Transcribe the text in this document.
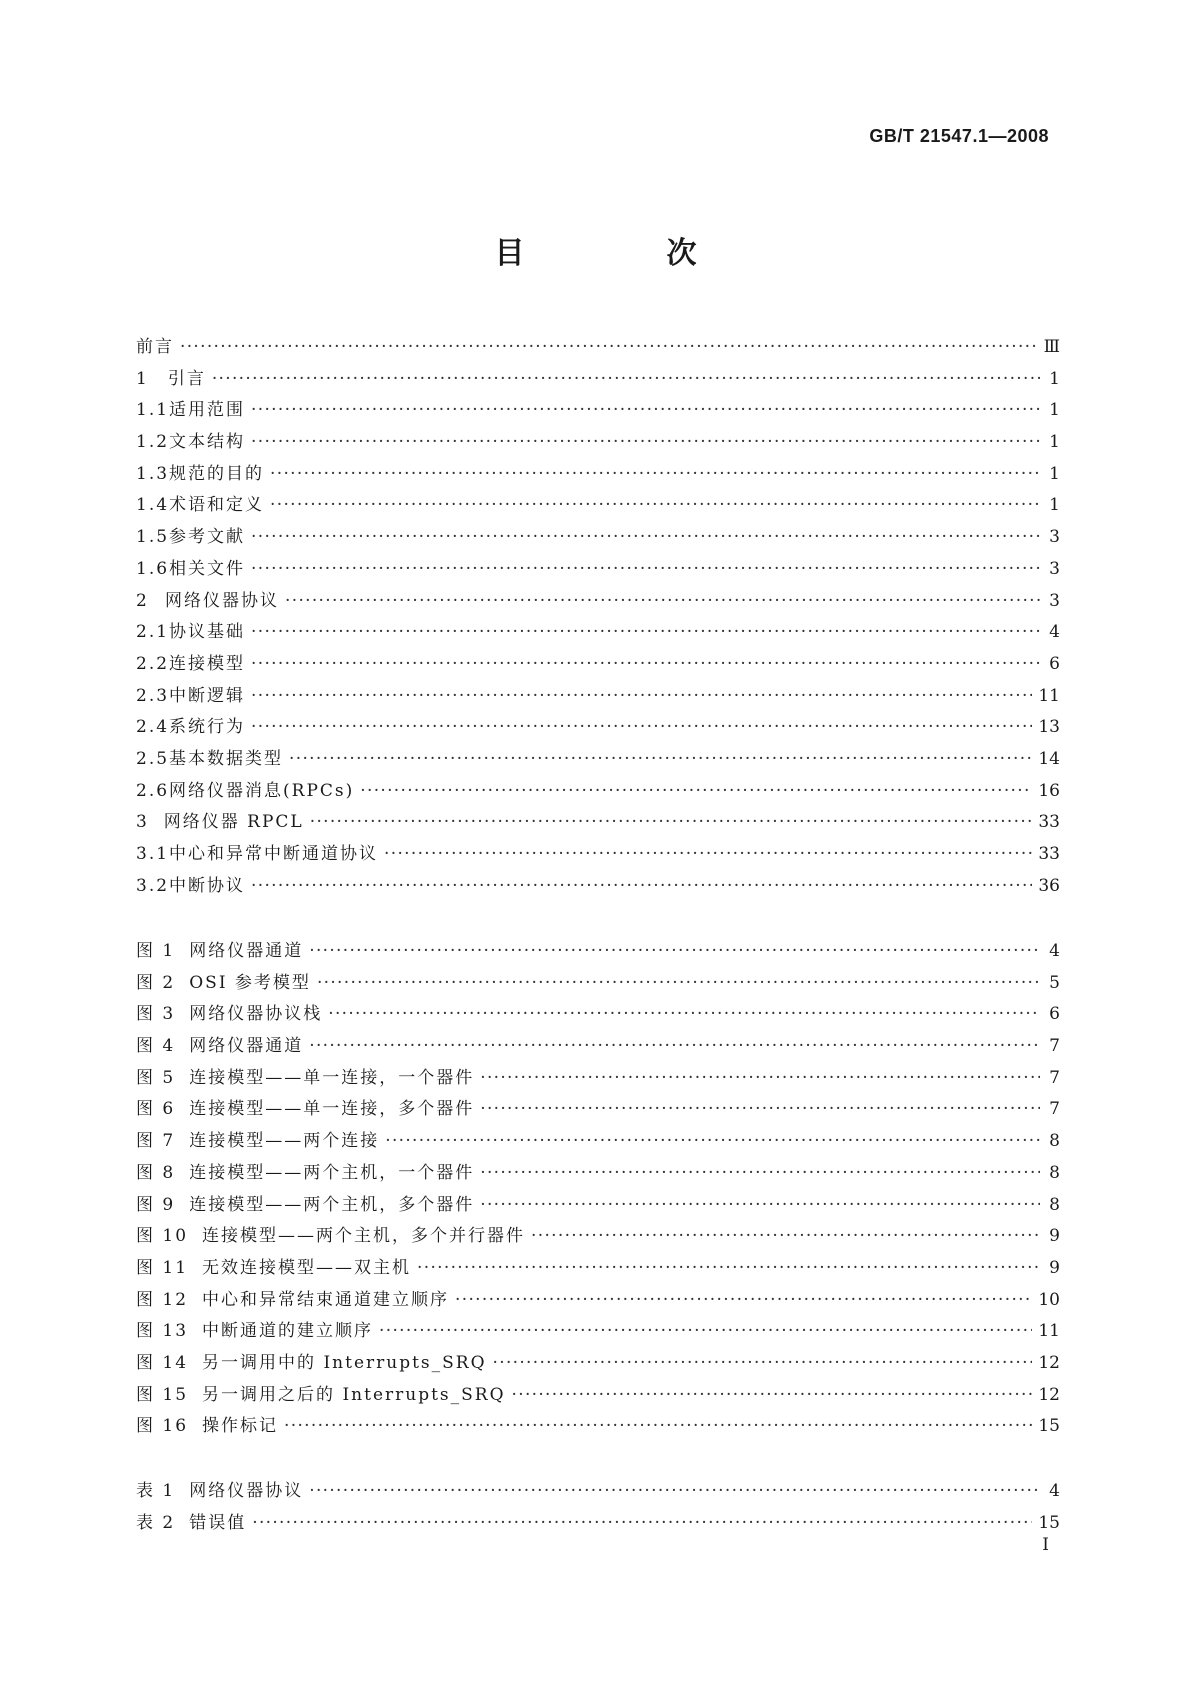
GB/T 21547.1—2008
目　次
前言 ·····	Ⅲ
1	引言 ·····	1
1.1 适用范围 ·····	1
1.2 文本结构 ·····	1
1.3 规范的目的 ·····	1
1.4 术语和定义 ·····	1
1.5 参考文献 ·····	3
1.6 相关文件 ·····	3
2 网络仪器协议 ·····	3
2.1 协议基础 ·····	4
2.2 连接模型 ·····	6
2.3 中断逻辑 ·····	11
2.4 系统行为 ·····	13
2.5 基本数据类型 ·····	14
2.6 网络仪器消息(RPCs) ·····	16
3 网络仪器 RPCL ·····	33
3.1 中心和异常中断通道协议 ·····	33
3.2 中断协议 ·····	36
图 1 网络仪器通道 ·····	4
图 2 OSI 参考模型 ·····	5
图 3 网络仪器协议栈 ·····	6
图 4 网络仪器通道 ·····	7
图 5 连接模型——单一连接，一个器件 ·····	7
图 6 连接模型——单一连接，多个器件 ·····	7
图 7 连接模型——两个连接 ·····	8
图 8 连接模型——两个主机，一个器件 ·····	8
图 9 连接模型——两个主机，多个器件 ·····	8
图 10 连接模型——两个主机，多个并行器件 ·····	9
图 11 无效连接模型——双主机 ·····	9
图 12 中心和异常结束通道建立顺序 ·····	10
图 13 中断通道的建立顺序 ·····	11
图 14 另一调用中的 Interrupts_SRQ ·····	12
图 15 另一调用之后的 Interrupts_SRQ ·····	12
图 16 操作标记 ·····	15
表 1 网络仪器协议 ·····	4
表 2 错误值 ·····	15
I
